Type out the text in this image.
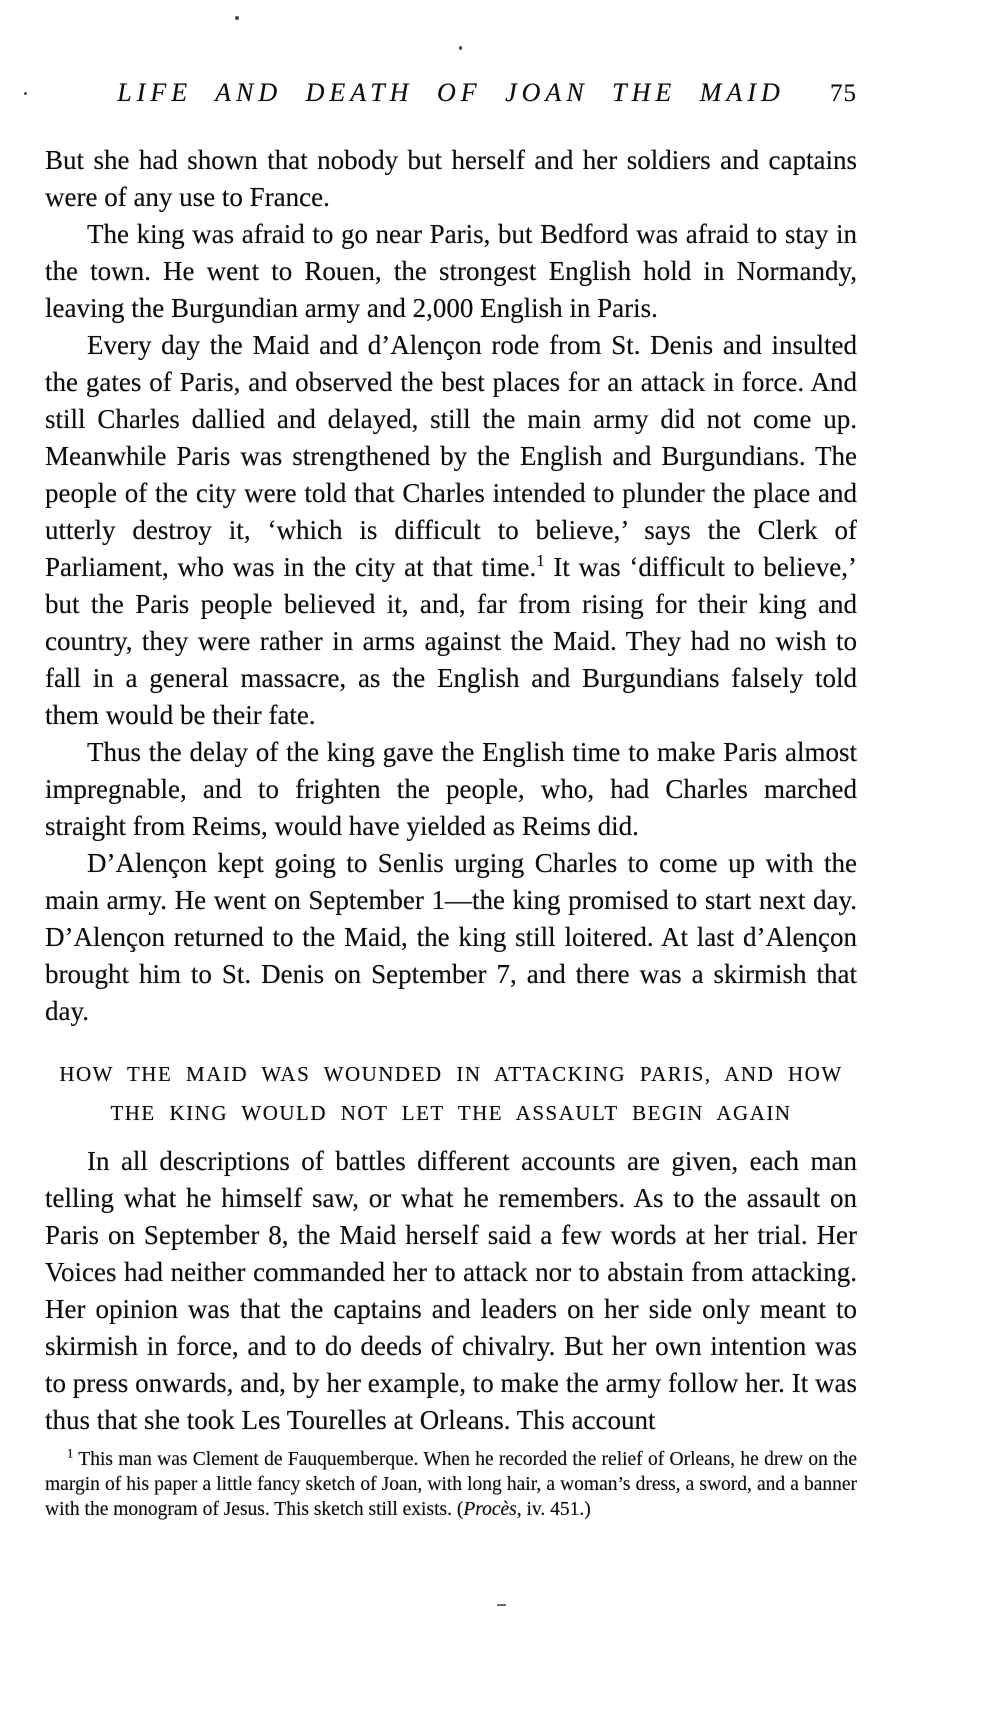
LIFE AND DEATH OF JOAN THE MAID	75

But she had shown that nobody but herself and her soldiers and captains were of any use to France.

The king was afraid to go near Paris, but Bedford was afraid to stay in the town. He went to Rouen, the strongest English hold in Normandy, leaving the Burgundian army and 2,000 English in Paris.

Every day the Maid and d’Alençon rode from St. Denis and insulted the gates of Paris, and observed the best places for an attack in force. And still Charles dallied and delayed, still the main army did not come up. Meanwhile Paris was strengthened by the English and Burgundians. The people of the city were told that Charles intended to plunder the place and utterly destroy it, ‘which is difficult to believe,’ says the Clerk of Parliament, who was in the city at that time.$^1$ It was ‘difficult to believe,’ but the Paris people believed it, and, far from rising for their king and country, they were rather in arms against the Maid. They had no wish to fall in a general massacre, as the English and Burgundians falsely told them would be their fate.

Thus the delay of the king gave the English time to make Paris almost impregnable, and to frighten the people, who, had Charles marched straight from Reims, would have yielded as Reims did.

D’Alençon kept going to Senlis urging Charles to come up with the main army. He went on September 1—the king promised to start next day. D’Alençon returned to the Maid, the king still loitered. At last d’Alençon brought him to St. Denis on September 7, and there was a skirmish that day.

HOW THE MAID WAS WOUNDED IN ATTACKING PARIS, AND HOW THE KING WOULD NOT LET THE ASSAULT BEGIN AGAIN

In all descriptions of battles different accounts are given, each man telling what he himself saw, or what he remembers. As to the assault on Paris on September 8, the Maid herself said a few words at her trial. Her Voices had neither commanded her to attack nor to abstain from attacking. Her opinion was that the captains and leaders on her side only meant to skirmish in force, and to do deeds of chivalry. But her own intention was to press onwards, and, by her example, to make the army follow her. It was thus that she took Les Tourelles at Orleans. This account

$^1$ This man was Clement de Fauquemberque. When he recorded the relief of Orleans, he drew on the margin of his paper a little fancy sketch of Joan, with long hair, a woman’s dress, a sword, and a banner with the monogram of Jesus. This sketch still exists. (Procès, iv. 451.)
